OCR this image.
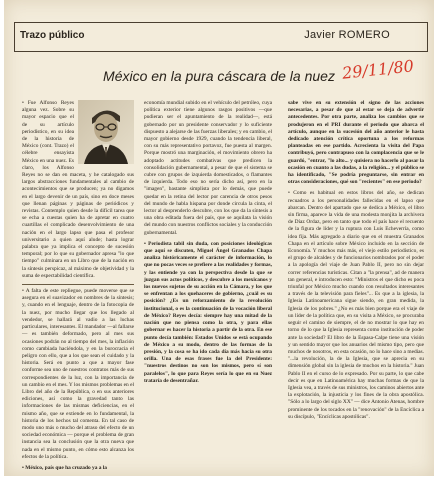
Trazo público	Javier ROMERO
México en la pura cáscara de la nuez 29/11/80

• Fue Alfonso Reyes alguna vez. Sobre su mayor espacio que el de su artículo periodístico, en su idea de la historia de México (cont. Trazo) el célebre ensayista México en una nuez. Es claro, los Alfonso Reyes no se dan en maceta, y he catalogado sus largos abstracciones fundamentales al cambio de acontecimientos que se producen; ya no digamos en el largo devenir de un país, sino en doce meses que llenan páginas y páginas de periódicos y revistas. Contemplo quien desde la difícil tarea que se echa a cuestas quien ha de apretar en cuatro cuartillas el complicado desenvolvimiento de una nación en el largo lapso que pasa el profesor universitario a quien aquí alude; hasta lograr palabra que ya implica el concepto de sucesión temporal; por lo que su gobernador apresa "lo que tiempo" culminara en un Libro que de la nación en la síntesis perspicaz, al máximo de objetividad y la suma de espectabilidad científica.

• A falta de este repliegue, puede moverse que se asegura en el suavizador en nombres de la síntesis; y, cuando en el lenguaje, dentro de la fotocopia de la nuez, por mucho llegar que los llegado al vendedor, se hallará al vadio a las luchas particulares, interesantes. El mandador —al fallarse— es también deformado, pero al mes sus ocasiones podrán no al tiempo del mes, la inflación como cambiada haciéndola, y en la burocracia el peligro con ello, que a los que sean el cuidado y la historia. Será en punto a que a mayor fase conforme sea uno de nuestros contratos más de sus correspondientes de la luz, con la importancia de un cambio en el mes. Y los mismos problemas en el Libro del año de la República, o en sus anteriores ediciones, así como la gravedad tanto las informaciones de las mismas deficiencias, en el mismo año, que se extiende en lo fundamental, la historia de los hechos tal comenta. En tal caso de modo uno más o mucho del atraso del efecto de un sociedad económica — porque el problema de gran instancia sea la conclusión que la otra nueva que nada en el mismo punto, en cómo esto alcanza los efectos de la política.

• México, país que ha cruzado ya a la

economía mundial subido en el vehículo del petróleo, cuya política exterior tiene algunos rasgos positivos —que pudieran ser el apuntamiento de la realidad—, está gobernado por un presidente conservador y lo suficiente dispuesto a alejarse de las fuerzas liberales; y en cambio, el mayor gobierno desde 1929, cuando la tendencia liberal, con su más representativo portavoz, fue puesta al margen. Porque mostró una marginación, el movimiento obrero ha adoptado actitudes combativas que predicen la consolidación gubernamental, a pesar de que el sistema se cubre con grupos de izquierda domesticados, o flamantes de izquierda. Todo eso no sería dicho así, pero en la "imagen", bastante simplista por lo demás, que puede quedar en la retina del lector por carencia de otros pesos del mundo de habla hispana por donde circula la cinta, el lector al desprenderlo descubre, con los que da la síntesis a una obra editada fuera del país, que se aquilata la visión del mundo con nuestros conflictos sociales y la conducción gubernamental.

• Periodista tabil sin duda, con posiciones ideológicas que aquí se discuten, Miguel Ángel Granados Chapa analiza históricamente el carácter de información, lo que no pocas veces se prefiere a las realidades y formas, y las entiende ya con la perspectiva desde la que se juzgan sus actos políticos, y descubre a los mexicanos y los nuevos sujetos de su acción en la Cámara, y los que se enfrentan a los quehaceres de gobierno, ¿cuál es su posición? ¿Es un reforzamiento de la revolución institucional, o es la continuación de la vocación liberal de México? Reyes decía: siempre hay una mitad de la nación que no piensa como la otra, y para ellas gobernar es hacer la historia a partir de la otra. En ese punto decía también: Estados Unidos se está ocupando de México a su modo, dentro de las formas de la presión, y la cosa se ha ido cada día más hacia su otra orilla. Una de esas frases fue la del Presidente: "nuestros destinos no son los mismos, pero sí son paralelos", lo que para Reyes sería lo que en su Nuez trataría de desentrañar.

sabe vive en su extensión el signo de las acciones necesarias, a pesar de que al estar se deja de advertir antecedentes. Por otra parte, analiza los cambios que se produjeron en el PRI durante el periodo que abarca el artículo, aunque en la sucesión del año anterior le hasta dedicado atención crítica oportuna a los reformas planteadas en ese partido. Acrecienta la visita del Papa contribuyó, pero contrapuso con la complacencia que se le guardó, "entrar, "lo alto... y quisiera no hacerlo al pasar la ocasión en cuanto a las dudas, a la religión... y el público se ha identificado, "Se podría preguntarse, sin entrar en otras consideraciones, qué son "recientes" en ese periodo?

• Como es habitual en estos libros del año, se dedican recuadros a los personalidades fallecidas en el lapso que abarcan. Dentro del apartado que se dedica a México, el libro sin firma, aparece la vida de una modesta monjita la archivera de Díaz Ordaz, pero en tanto que todo el país hace el recuento de la figura de líder y la ruptura con Luis Echeverría, como idea fija. Más agregado a diario que en el muestra Granados Chapa en el artículo sobre México incluido en la sección de Economía. Y muchos más más, el viejo estilo periodístico, es el grupo de alcaldes y de funcionarios nombrados por el poder a la apología del viaje de Juan Pablo II, pero no sin dejar correr referencias turísticas. Citan a "la prensa", ad de manera tan general, e introducen esto: "Ministros el que dicho es poca triunfal por México mucho cuando con resultados interesantes a través de la televisión para fieles"... Es que a la iglesia, la Iglesia Latinoamericana sigue siendo, en gran medida, la Iglesia de los pobres." ¿No es más bien porque era el viaje de un líder de la política que, en su visita a México, se procuraba seguir el camino de siempre, el de no mostrar lo que hay en torno de lo que la Iglesia representa como institución de poder ante la sociedad? El libro de la Espasa-Calpe tiene una visión y un sentido mayor que los anuarios del mismo tipo, pero que muchos de nosotros, en esta ocasión, no lo hace sino a medias. "...la revolución, la de la Iglesia, que se aprecia en su dimensión global sin la iglesia de muchos en la historia." Juan Pablo II en el curso de lo expresado. Por su parte, lo que cabe decir es que en Latinoamérica hay muchas formas de que la Iglesia vea, a través de sus ministros, los caminos abiertos ante la explotación, la injusticia y los fines de la obra apostólica. "Sólo a lo largo del siglo XX" — dice Antonio Atenas, hombre prominente de los tocados en la "renovación" de la Encíclica a su discípulo, "Encíclicas apostólicas".
